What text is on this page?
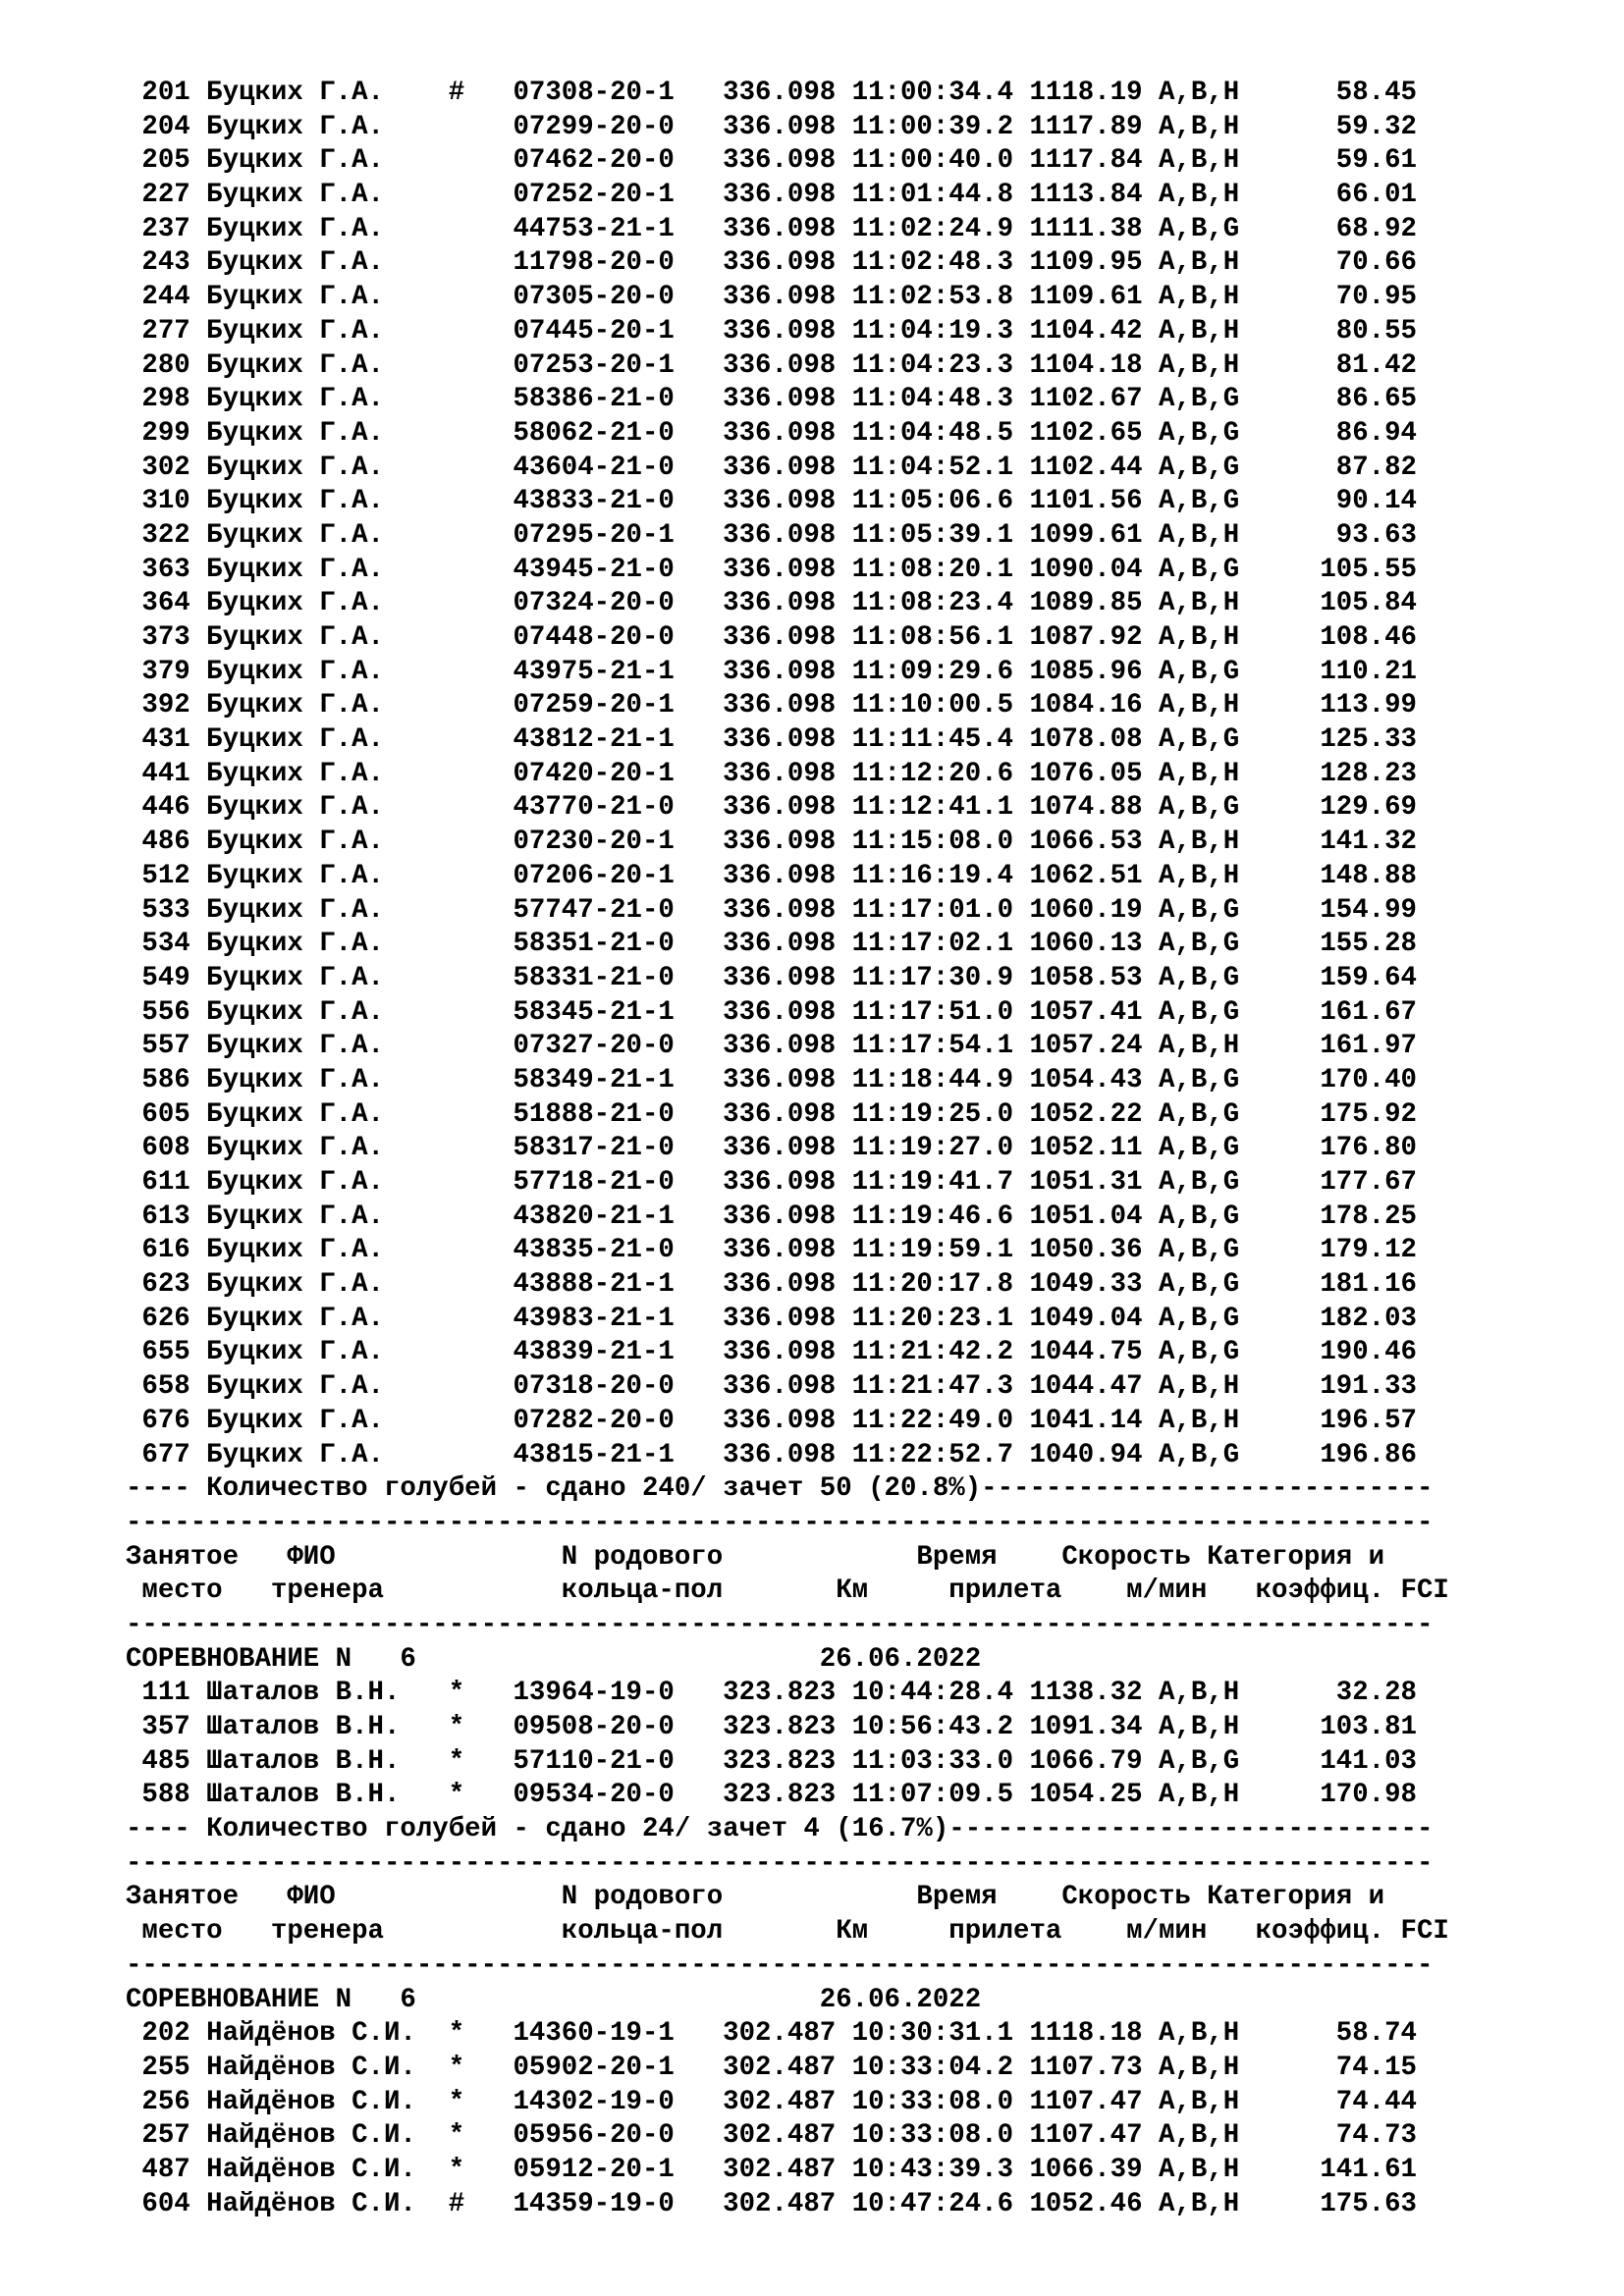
201 Буцких Г.А.    #   07308-20-1   336.098 11:00:34.4 1118.19 A,B,H      58.45
204 Буцких Г.А.        07299-20-0   336.098 11:00:39.2 1117.89 A,B,H      59.32
205 Буцких Г.А.        07462-20-0   336.098 11:00:40.0 1117.84 A,B,H      59.61
227 Буцких Г.А.        07252-20-1   336.098 11:01:44.8 1113.84 A,B,H      66.01
237 Буцких Г.А.        44753-21-1   336.098 11:02:24.9 1111.38 A,B,G      68.92
243 Буцких Г.А.        11798-20-0   336.098 11:02:48.3 1109.95 A,B,H      70.66
244 Буцких Г.А.        07305-20-0   336.098 11:02:53.8 1109.61 A,B,H      70.95
277 Буцких Г.А.        07445-20-1   336.098 11:04:19.3 1104.42 A,B,H      80.55
280 Буцких Г.А.        07253-20-1   336.098 11:04:23.3 1104.18 A,B,H      81.42
298 Буцких Г.А.        58386-21-0   336.098 11:04:48.3 1102.67 A,B,G      86.65
299 Буцких Г.А.        58062-21-0   336.098 11:04:48.5 1102.65 A,B,G      86.94
302 Буцких Г.А.        43604-21-0   336.098 11:04:52.1 1102.44 A,B,G      87.82
310 Буцких Г.А.        43833-21-0   336.098 11:05:06.6 1101.56 A,B,G      90.14
322 Буцких Г.А.        07295-20-1   336.098 11:05:39.1 1099.61 A,B,H      93.63
363 Буцких Г.А.        43945-21-0   336.098 11:08:20.1 1090.04 A,B,G     105.55
364 Буцких Г.А.        07324-20-0   336.098 11:08:23.4 1089.85 A,B,H     105.84
373 Буцких Г.А.        07448-20-0   336.098 11:08:56.1 1087.92 A,B,H     108.46
379 Буцких Г.А.        43975-21-1   336.098 11:09:29.6 1085.96 A,B,G     110.21
392 Буцких Г.А.        07259-20-1   336.098 11:10:00.5 1084.16 A,B,H     113.99
431 Буцких Г.А.        43812-21-1   336.098 11:11:45.4 1078.08 A,B,G     125.33
441 Буцких Г.А.        07420-20-1   336.098 11:12:20.6 1076.05 A,B,H     128.23
446 Буцких Г.А.        43770-21-0   336.098 11:12:41.1 1074.88 A,B,G     129.69
486 Буцких Г.А.        07230-20-1   336.098 11:15:08.0 1066.53 A,B,H     141.32
512 Буцких Г.А.        07206-20-1   336.098 11:16:19.4 1062.51 A,B,H     148.88
533 Буцких Г.А.        57747-21-0   336.098 11:17:01.0 1060.19 A,B,G     154.99
534 Буцких Г.А.        58351-21-0   336.098 11:17:02.1 1060.13 A,B,G     155.28
549 Буцких Г.А.        58331-21-0   336.098 11:17:30.9 1058.53 A,B,G     159.64
556 Буцких Г.А.        58345-21-1   336.098 11:17:51.0 1057.41 A,B,G     161.67
557 Буцких Г.А.        07327-20-0   336.098 11:17:54.1 1057.24 A,B,H     161.97
586 Буцких Г.А.        58349-21-1   336.098 11:18:44.9 1054.43 A,B,G     170.40
605 Буцких Г.А.        51888-21-0   336.098 11:19:25.0 1052.22 A,B,G     175.92
608 Буцких Г.А.        58317-21-0   336.098 11:19:27.0 1052.11 A,B,G     176.80
611 Буцких Г.А.        57718-21-0   336.098 11:19:41.7 1051.31 A,B,G     177.67
613 Буцких Г.А.        43820-21-1   336.098 11:19:46.6 1051.04 A,B,G     178.25
616 Буцких Г.А.        43835-21-0   336.098 11:19:59.1 1050.36 A,B,G     179.12
623 Буцких Г.А.        43888-21-1   336.098 11:20:17.8 1049.33 A,B,G     181.16
626 Буцких Г.А.        43983-21-1   336.098 11:20:23.1 1049.04 A,B,G     182.03
655 Буцких Г.А.        43839-21-1   336.098 11:21:42.2 1044.75 A,B,G     190.46
658 Буцких Г.А.        07318-20-0   336.098 11:21:47.3 1044.47 A,B,H     191.33
676 Буцких Г.А.        07282-20-0   336.098 11:22:49.0 1041.14 A,B,H     196.57
677 Буцких Г.А.        43815-21-1   336.098 11:22:52.7 1040.94 A,B,G     196.86
---- Количество голубей - сдано 240/ зачет 50 (20.8%)----------------------------
---------------------------------------------------------------------------------
Занятое   ФИО              N родового            Время    Скорость Категория и
место   тренера           кольца-пол       Км     прилета    м/мин   коэффиц. FCI
---------------------------------------------------------------------------------
СОРЕВНОВАНИЕ N   6                         26.06.2022
111 Шаталов В.Н.   *   13964-19-0   323.823 10:44:28.4 1138.32 A,B,H      32.28
357 Шаталов В.Н.   *   09508-20-0   323.823 10:56:43.2 1091.34 A,B,H     103.81
485 Шаталов В.Н.   *   57110-21-0   323.823 11:03:33.0 1066.79 A,B,G     141.03
588 Шаталов В.Н.   *   09534-20-0   323.823 11:07:09.5 1054.25 A,B,H     170.98
---- Количество голубей - сдано 24/ зачет 4 (16.7%)------------------------------
---------------------------------------------------------------------------------
Занятое   ФИО              N родового            Время    Скорость Категория и
место   тренера           кольца-пол       Км     прилета    м/мин   коэффиц. FCI
---------------------------------------------------------------------------------
СОРЕВНОВАНИЕ N   6                         26.06.2022
202 Найдёнов С.И.  *   14360-19-1   302.487 10:30:31.1 1118.18 A,B,H      58.74
255 Найдёнов С.И.  *   05902-20-1   302.487 10:33:04.2 1107.73 A,B,H      74.15
256 Найдёнов С.И.  *   14302-19-0   302.487 10:33:08.0 1107.47 A,B,H      74.44
257 Найдёнов С.И.  *   05956-20-0   302.487 10:33:08.0 1107.47 A,B,H      74.73
487 Найдёнов С.И.  *   05912-20-1   302.487 10:43:39.3 1066.39 A,B,H     141.61
604 Найдёнов С.И.  #   14359-19-0   302.487 10:47:24.6 1052.46 A,B,H     175.63
